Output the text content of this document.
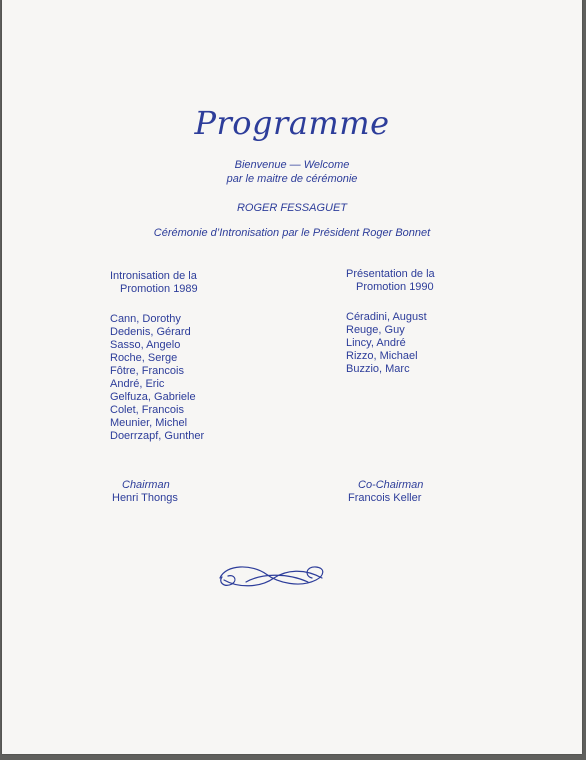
Programme
Bienvenue — Welcome
par le maitre de cérémonie
ROGER FESSAGUET
Cérémonie d’Intronisation par le Président Roger Bonnet
Intronisation de la
Promotion 1989
Cann, Dorothy
Dedenis, Gérard
Sasso, Angelo
Roche, Serge
Fôtre, Francois
André, Eric
Gelfuza, Gabriele
Colet, Francois
Meunier, Michel
Doerrzapf, Gunther
Présentation de la
Promotion 1990
Céradini, August
Reuge, Guy
Lincy, André
Rizzo, Michael
Buzzio, Marc
Chairman
Henri Thongs
Co-Chairman
Francois Keller
